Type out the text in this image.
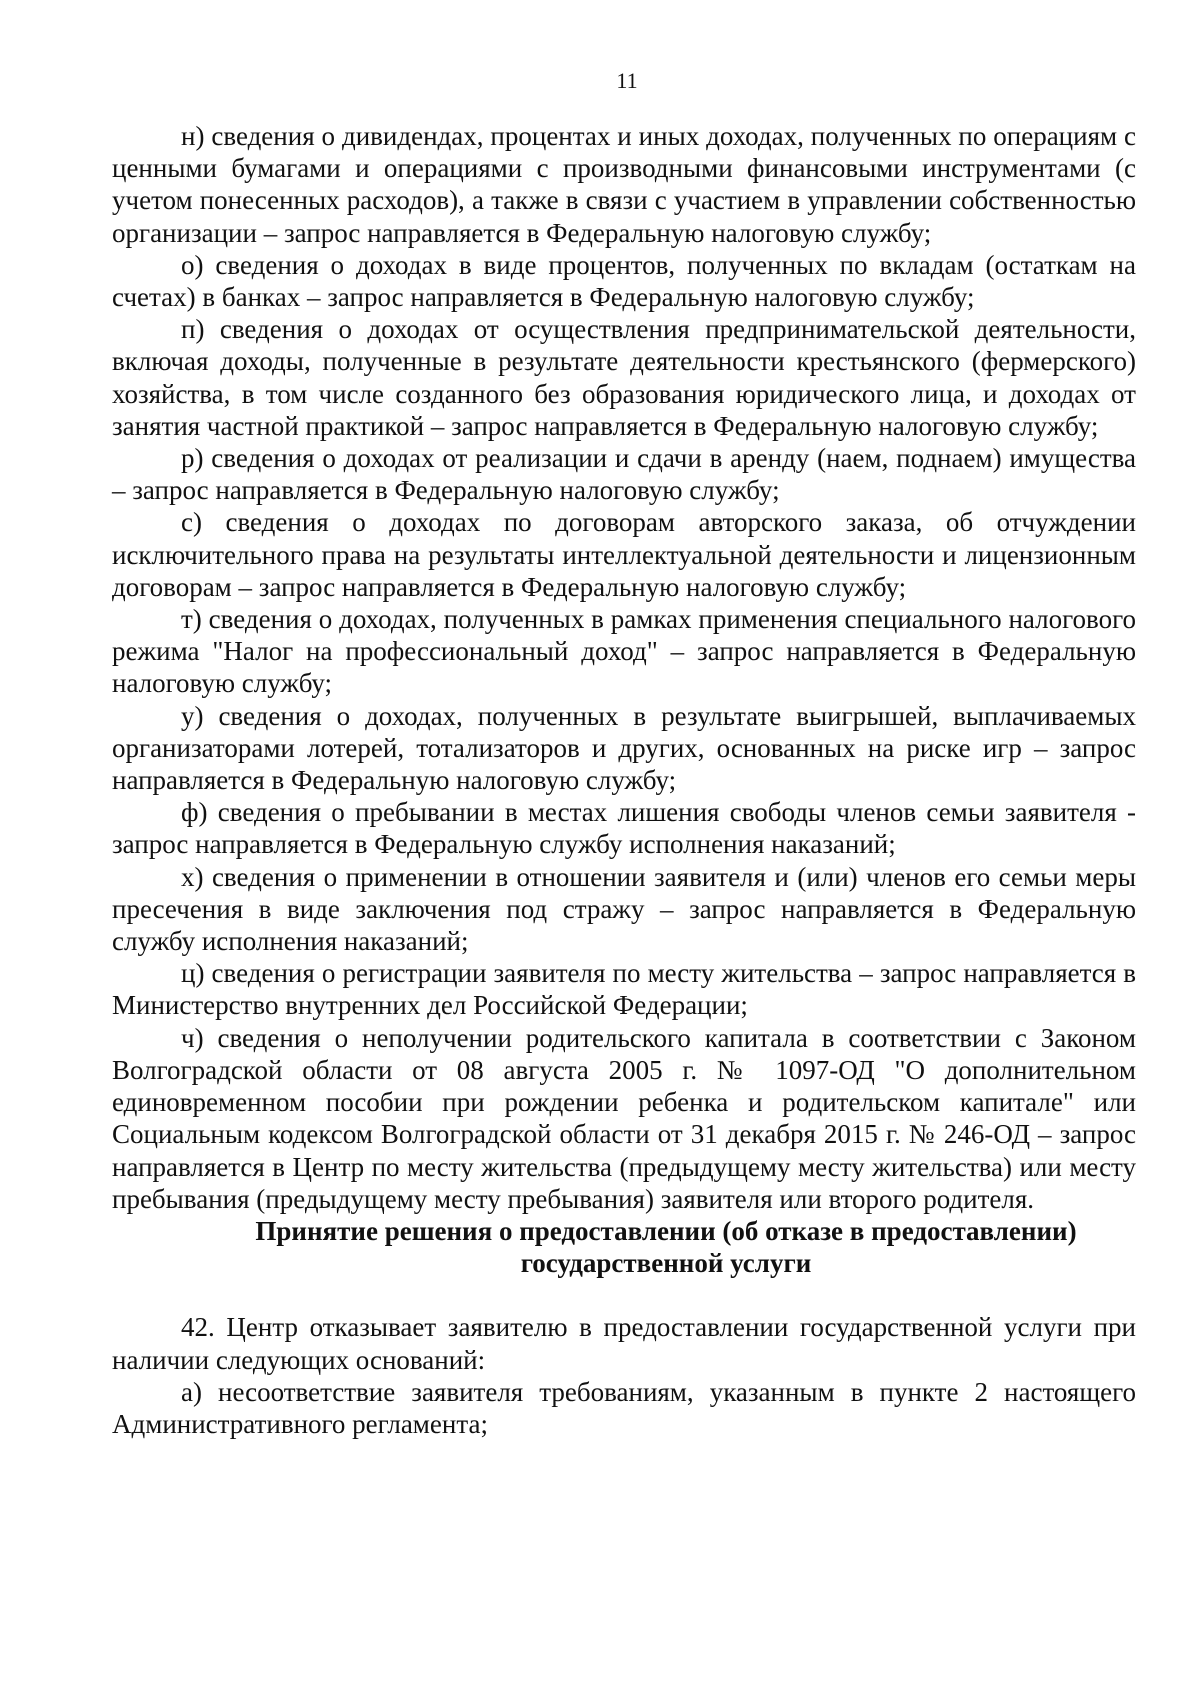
11

н) сведения о дивидендах, процентах и иных доходах, полученных по операциям с ценными бумагами и операциями с производными финансовыми инструментами (с учетом понесенных расходов), а также в связи с участием в управлении собственностью организации – запрос направляется в Федеральную налоговую службу;

о) сведения о доходах в виде процентов, полученных по вкладам (остаткам на счетах) в банках – запрос направляется в Федеральную налоговую службу;

п) сведения о доходах от осуществления предпринимательской деятельности, включая доходы, полученные в результате деятельности крестьянского (фермерского) хозяйства, в том числе созданного без образования юридического лица, и доходах от занятия частной практикой – запрос направляется в Федеральную налоговую службу;

р) сведения о доходах от реализации и сдачи в аренду (наем, поднаем) имущества – запрос направляется в Федеральную налоговую службу;

с) сведения о доходах по договорам авторского заказа, об отчуждении исключительного права на результаты интеллектуальной деятельности и лицензионным договорам – запрос направляется в Федеральную налоговую службу;

т) сведения о доходах, полученных в рамках применения специального налогового режима "Налог на профессиональный доход" – запрос направляется в Федеральную налоговую службу;

у) сведения о доходах, полученных в результате выигрышей, выплачиваемых организаторами лотерей, тотализаторов и других, основанных на риске игр – запрос направляется в Федеральную налоговую службу;

ф) сведения о пребывании в местах лишения свободы членов семьи заявителя - запрос направляется в Федеральную службу исполнения наказаний;

х) сведения о применении в отношении заявителя и (или) членов его семьи меры пресечения в виде заключения под стражу – запрос направляется в Федеральную службу исполнения наказаний;

ц) сведения о регистрации заявителя по месту жительства – запрос направляется в Министерство внутренних дел Российской Федерации;

ч) сведения о неполучении родительского капитала в соответствии с Законом Волгоградской области от 08 августа 2005 г. № 1097-ОД "О дополнительном единовременном пособии при рождении ребенка и родительском капитале" или Социальным кодексом Волгоградской области от 31 декабря 2015 г. № 246-ОД – запрос направляется в Центр по месту жительства (предыдущему месту жительства) или месту пребывания (предыдущему месту пребывания) заявителя или второго родителя.

Принятие решения о предоставлении (об отказе в предоставлении)
государственной услуги

42. Центр отказывает заявителю в предоставлении государственной услуги при наличии следующих оснований:

а) несоответствие заявителя требованиям, указанным в пункте 2 настоящего Административного регламента;
